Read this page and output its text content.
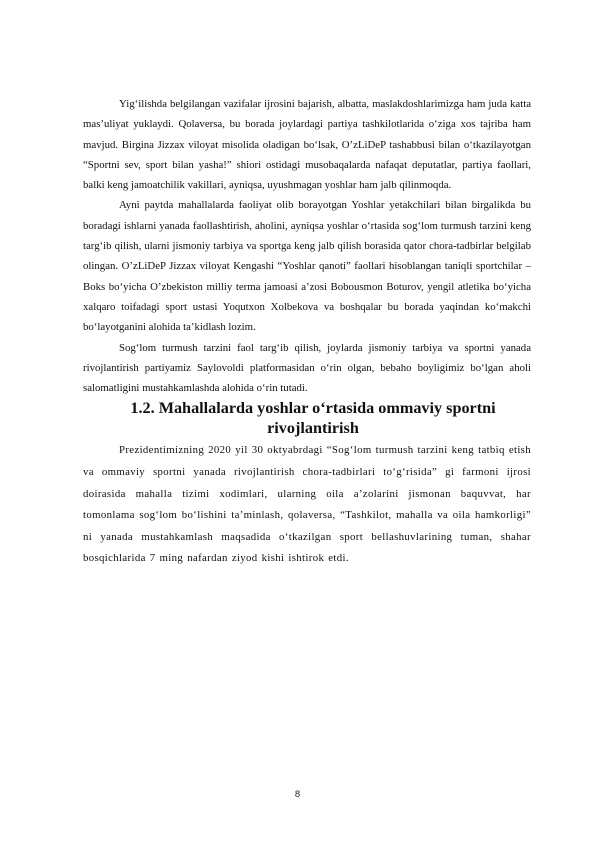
Yig‘ilishda belgilangan vazifalar ijrosini bajarish, albatta, maslakdoshlarimizga ham juda katta mas’uliyat yuklaydi. Qolaversa, bu borada joylardagi partiya tashkilotlarida o‘ziga xos tajriba ham mavjud. Birgina Jizzax viloyat misolida oladigan bo‘lsak, O’zLiDeP tashabbusi bilan o‘tkazilayotgan “Sportni sev, sport bilan yasha!” shiori ostidagi musobaqalarda nafaqat deputatlar, partiya faollari, balki keng jamoatchilik vakillari, ayniqsa, uyushmagan yoshlar ham jalb qilinmoqda.

Ayni paytda mahallalarda faoliyat olib borayotgan Yoshlar yetakchilari bilan birgalikda bu boradagi ishlarni yanada faollashtirish, aholini, ayniqsa yoshlar o‘rtasida sog‘lom turmush tarzini keng targ‘ib qilish, ularni jismoniy tarbiya va sportga keng jalb qilish borasida qator chora-tadbirlar belgilab olingan. O’zLiDeP Jizzax viloyat Kengashi “Yoshlar qanoti” faollari hisoblangan taniqli sportchilar – Boks bo‘yicha O’zbekiston milliy terma jamoasi a’zosi Bobousmon Boturov, yengil atletika bo‘yicha xalqaro toifadagi sport ustasi Yoqutxon Xolbekova va boshqalar bu borada yaqindan ko‘makchi bo‘layotganini alohida ta’kidlash lozim.

Sog‘lom turmush tarzini faol targ‘ib qilish, joylarda jismoniy tarbiya va sportni yanada rivojlantirish partiyamiz Saylovoldi platformasidan o‘rin olgan, bebaho boyligimiz bo‘lgan aholi salomatligini mustahkamlashda alohida o‘rin tutadi.

1.2. Mahallalarda yoshlar o‘rtasida ommaviy sportni rivojlantirish

Prezidentimizning 2020 yil 30 oktyabrdagi “Sog‘lom turmush tarzini keng tatbiq etish va ommaviy sportni yanada rivojlantirish chora-tadbirlari to‘g‘risida” gi farmoni ijrosi doirasida mahalla tizimi xodimlari, ularning oila a’zolarini jismonan baquvvat, har tomonlama sog‘lom bo‘lishini ta’minlash, qolaversa, “Tashkilot, mahalla va oila hamkorligi” ni yanada mustahkamlash maqsadida o‘tkazilgan sport bellashuvlarining tuman, shahar bosqichlarida 7 ming nafardan ziyod kishi ishtirok etdi.

8
